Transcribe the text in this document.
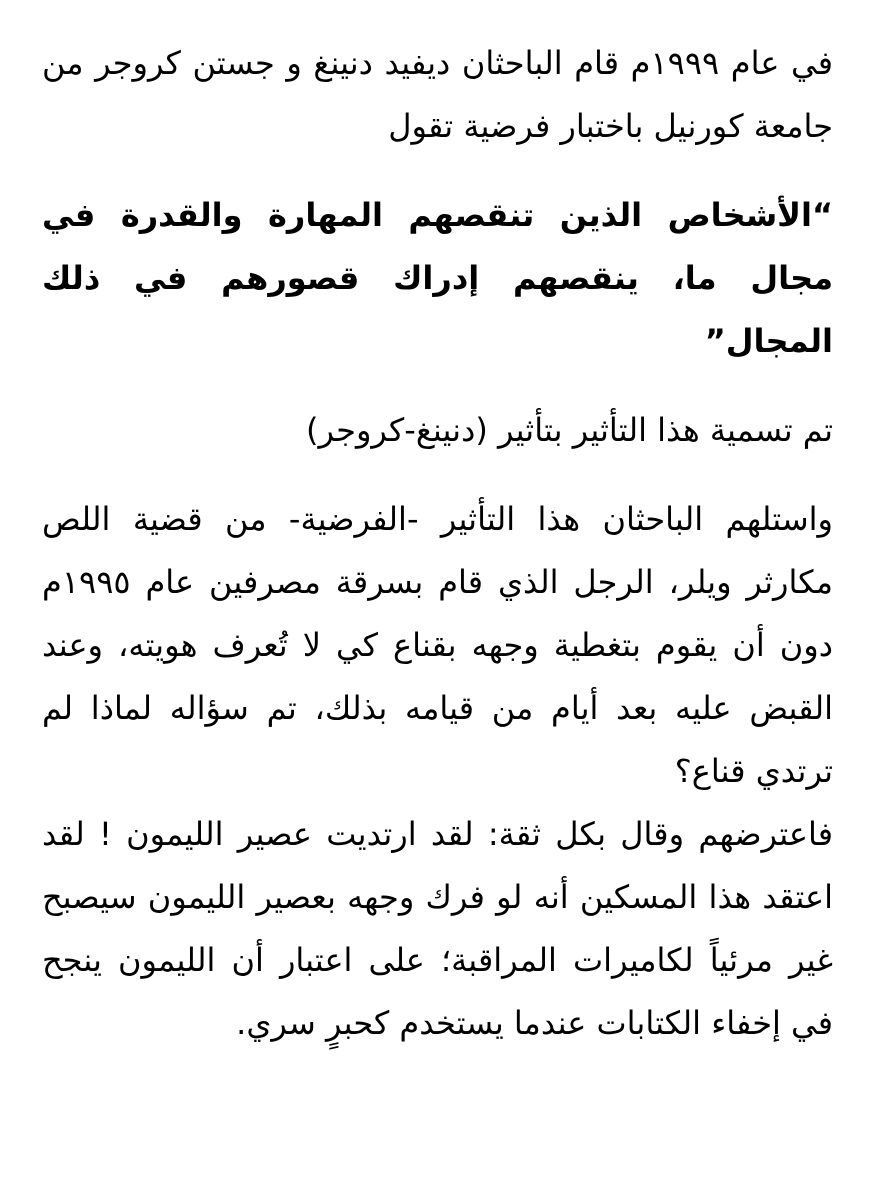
في عام ١٩٩٩م قام الباحثان ديفيد دنينغ و جستن كروجر من جامعة كورنيل باختبار فرضية تقول

“الأشخاص الذين تنقصهم المهارة والقدرة في مجال ما، ينقصهم إدراك قصورهم في ذلك المجال”

تم تسمية هذا التأثير بتأثير (دنينغ-كروجر)

واستلهم الباحثان هذا التأثير -الفرضية- من قضية اللص مكارثر ويلر، الرجل الذي قام بسرقة مصرفين عام ١٩٩٥م دون أن يقوم بتغطية وجهه بقناع كي لا تُعرف هويته، وعند القبض عليه بعد أيام من قيامه بذلك، تم سؤاله لماذا لم ترتدي قناع؟

فاعترضهم وقال بكل ثقة: لقد ارتديت عصير الليمون ! لقد اعتقد هذا المسكين أنه لو فرك وجهه بعصير الليمون سيصبح غير مرئياً لكاميرات المراقبة؛ على اعتبار أن الليمون ينجح في إخفاء الكتابات عندما يستخدم كحبرٍ سري.
